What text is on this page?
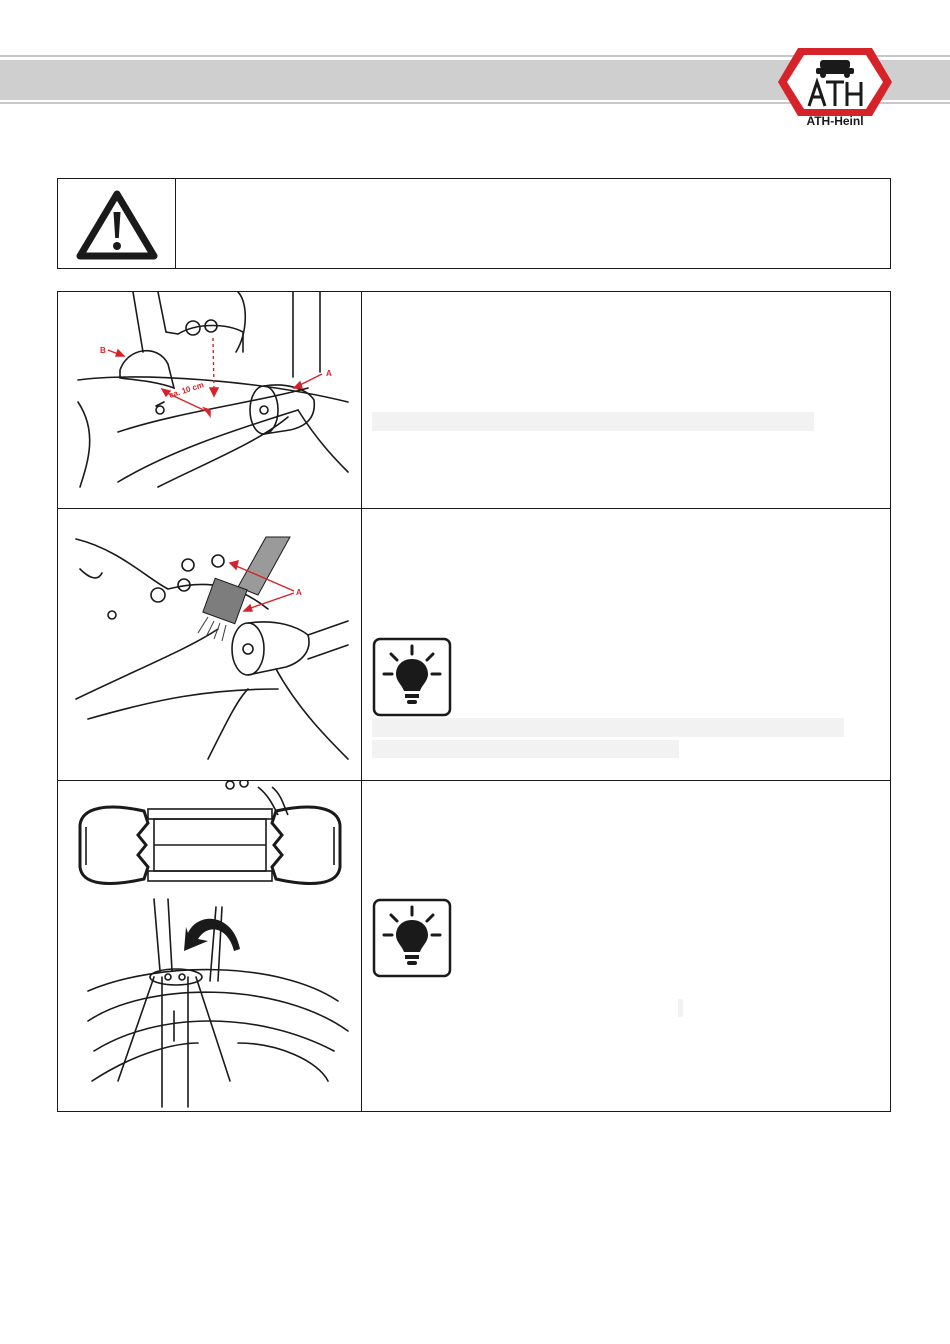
ATH-Heinl
B
A
ca. 10 cm
A
